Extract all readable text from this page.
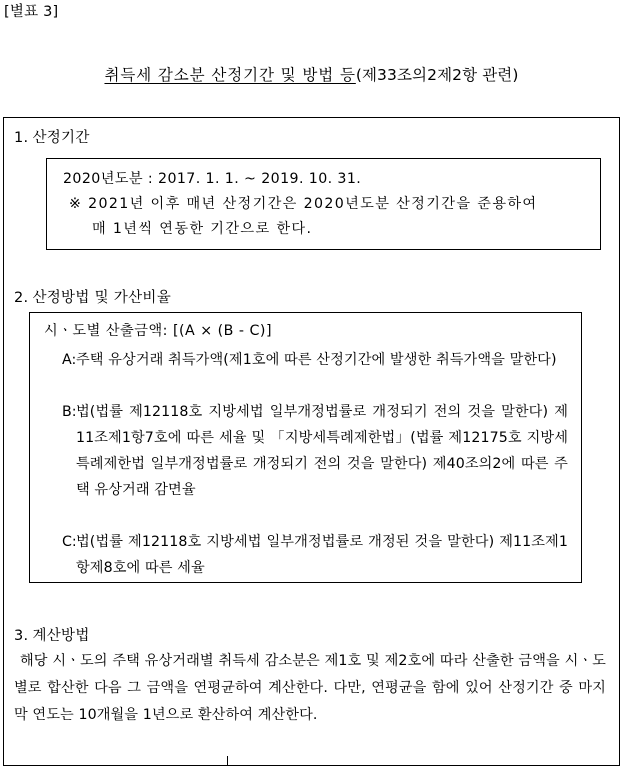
[별표 3]
취득세 감소분 산정기간 및 방법 등(제33조의2제2항 관련)
1. 산정기간
2020년도분 : 2017. 1. 1. ~ 2019. 10. 31.
※ 2021년 이후 매년 산정기간은 2020년도분 산정기간을 준용하여
매 1년씩 연동한 기간으로 한다.
2. 산정방법 및 가산비율
시ㆍ도별 산출금액: [(A × (B - C)]
A: 주택 유상거래 취득가액(제1호에 따른 산정기간에 발생한 취득가액을 말한다)
B: 법(법률 제12118호 지방세법 일부개정법률로 개정되기 전의 것을 말한다) 제11조제1항7호에 따른 세율 및 「지방세특례제한법」(법률 제12175호 지방세특례제한법 일부개정법률로 개정되기 전의 것을 말한다) 제40조의2에 따른 주택 유상거래 감면율
C: 법(법률 제12118호 지방세법 일부개정법률로 개정된 것을 말한다) 제11조제1항제8호에 따른 세율
3. 계산방법
해당 시ㆍ도의 주택 유상거래별 취득세 감소분은 제1호 및 제2호에 따라 산출한 금액을 시ㆍ도별로 합산한 다음 그 금액을 연평균하여 계산한다. 다만, 연평균을 함에 있어 산정기간 중 마지막 연도는 10개월을 1년으로 환산하여 계산한다.
